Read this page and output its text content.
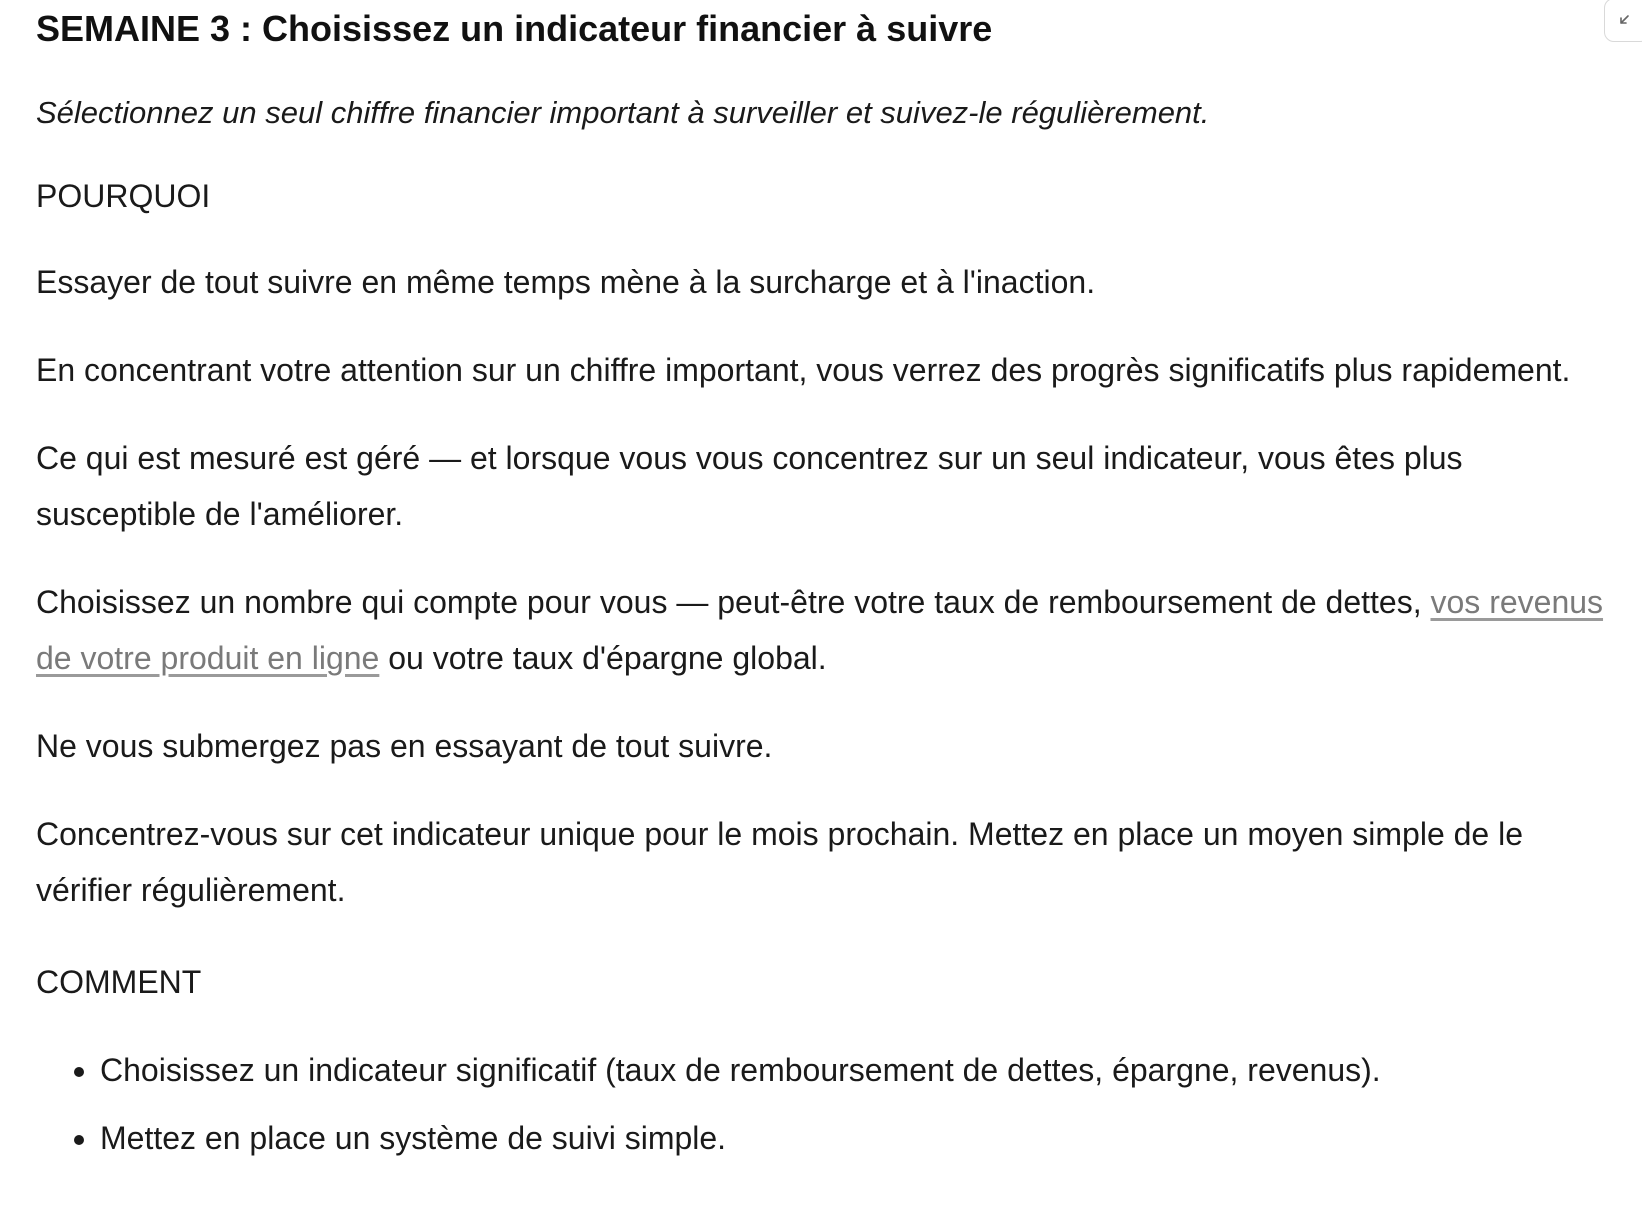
SEMAINE 3 : Choisissez un indicateur financier à suivre

Sélectionnez un seul chiffre financier important à surveiller et suivez-le régulièrement.

POURQUOI

Essayer de tout suivre en même temps mène à la surcharge et à l'inaction.

En concentrant votre attention sur un chiffre important, vous verrez des progrès significatifs plus rapidement.

Ce qui est mesuré est géré — et lorsque vous vous concentrez sur un seul indicateur, vous êtes plus susceptible de l'améliorer.

Choisissez un nombre qui compte pour vous — peut-être votre taux de remboursement de dettes, vos revenus de votre produit en ligne ou votre taux d'épargne global.

Ne vous submergez pas en essayant de tout suivre.

Concentrez-vous sur cet indicateur unique pour le mois prochain. Mettez en place un moyen simple de le vérifier régulièrement.

COMMENT
• Choisissez un indicateur significatif (taux de remboursement de dettes, épargne, revenus).
• Mettez en place un système de suivi simple.
